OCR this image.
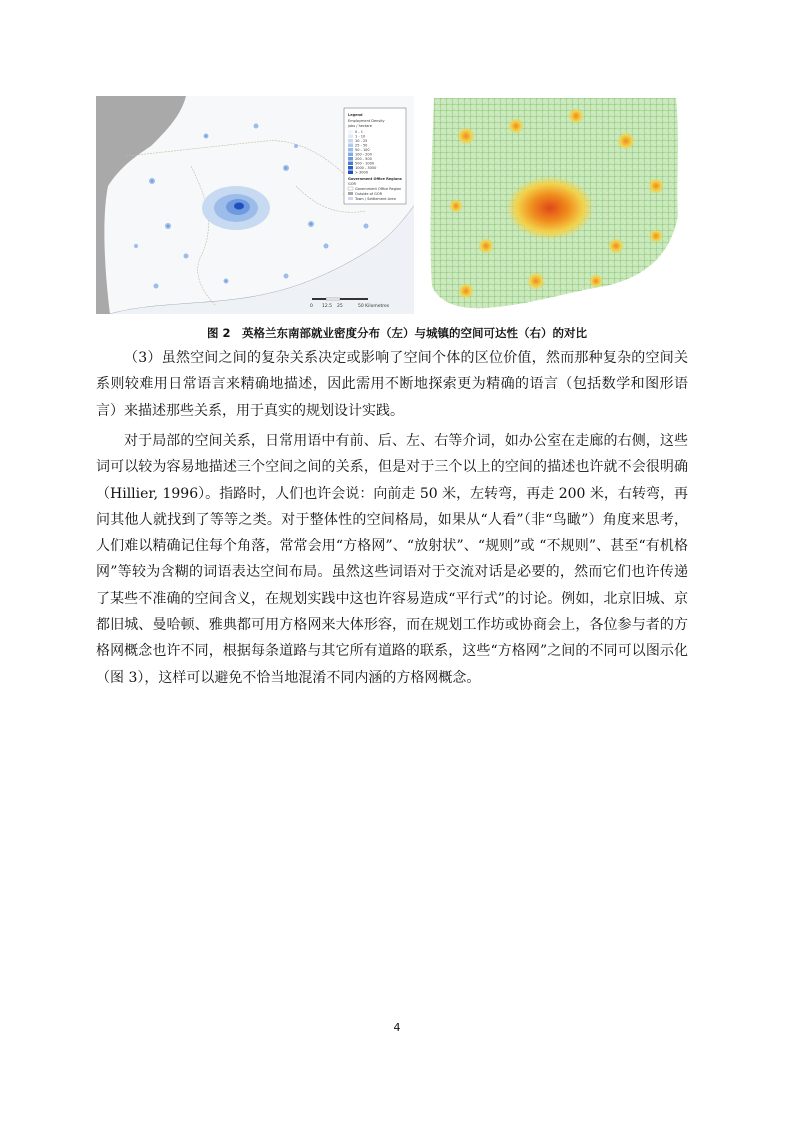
Legend
Employment Density
jobs / hectare
0 - 1
1 - 10
10 - 25
25 - 50
50 - 100
100 - 200
200 - 500
500 - 1000
1000 - 3000
> 3000
Government Office Regions
GOR
Government Office Region
Outside of GOR
Town / Settlement Area
0 12.5 25	50 Kilometres
图 2　英格兰东南部就业密度分布（左）与城镇的空间可达性（右）的对比

（3）虽然空间之间的复杂关系决定或影响了空间个体的区位价值，然而那种复杂的空间关系则较难用日常语言来精确地描述，因此需用不断地探索更为精确的语言（包括数学和图形语言）来描述那些关系，用于真实的规划设计实践。

对于局部的空间关系，日常用语中有前、后、左、右等介词，如办公室在走廊的右侧，这些词可以较为容易地描述三个空间之间的关系，但是对于三个以上的空间的描述也许就不会很明确（Hillier, 1996）。指路时，人们也许会说：向前走 50 米，左转弯，再走 200 米，右转弯，再问其他人就找到了等等之类。对于整体性的空间格局，如果从“人看”（非“鸟瞰”）角度来思考，人们难以精确记住每个角落，常常会用“方格网”、“放射状”、“规则”或 “不规则”、甚至“有机格网”等较为含糊的词语表达空间布局。虽然这些词语对于交流对话是必要的，然而它们也许传递了某些不准确的空间含义，在规划实践中这也许容易造成“平行式”的讨论。例如，北京旧城、京都旧城、曼哈顿、雅典都可用方格网来大体形容，而在规划工作坊或协商会上，各位参与者的方格网概念也许不同，根据每条道路与其它所有道路的联系，这些“方格网”之间的不同可以图示化（图 3），这样可以避免不恰当地混淆不同内涵的方格网概念。

4
